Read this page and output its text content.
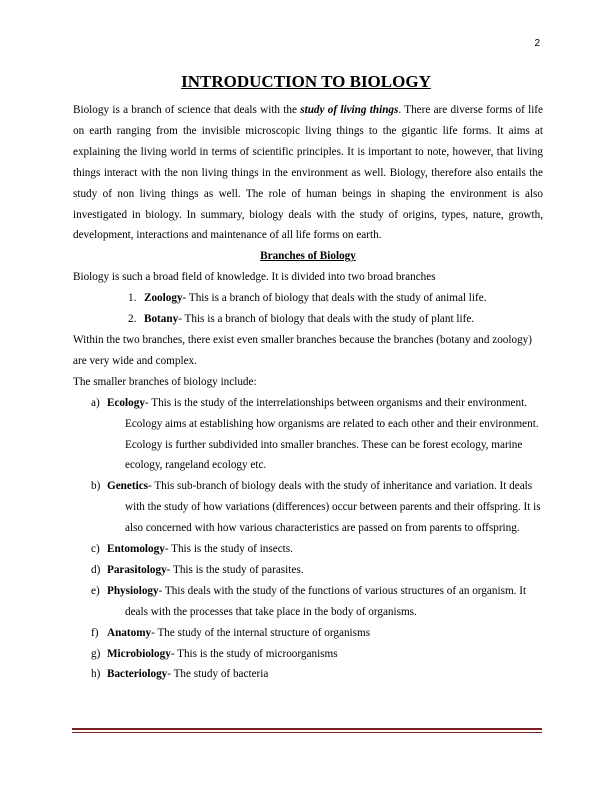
2
INTRODUCTION TO BIOLOGY

Biology is a branch of science that deals with the study of living things. There are diverse forms of life on earth ranging from the invisible microscopic living things to the gigantic life forms. It aims at explaining the living world in terms of scientific principles. It is important to note, however, that living things interact with the non living things in the environment as well. Biology, therefore also entails the study of non living things as well. The role of human beings in shaping the environment is also investigated in biology. In summary, biology deals with the study of origins, types, nature, growth, development, interactions and maintenance of all life forms on earth.

Branches of Biology

Biology is such a broad field of knowledge. It is divided into two broad branches

1. Zoology- This is a branch of biology that deals with the study of animal life.

2. Botany- This is a branch of biology that deals with the study of plant life.

Within the two branches, there exist even smaller branches because the branches (botany and zoology) are very wide and complex.

The smaller branches of biology include:

a) Ecology- This is the study of the interrelationships between organisms and their environment. Ecology aims at establishing how organisms are related to each other and their environment. Ecology is further subdivided into smaller branches. These can be forest ecology, marine ecology, rangeland ecology etc.

b) Genetics- This sub-branch of biology deals with the study of inheritance and variation. It deals with the study of how variations (differences) occur between parents and their offspring. It is also concerned with how various characteristics are passed on from parents to offspring.

c) Entomology- This is the study of insects.

d) Parasitology- This is the study of parasites.

e) Physiology- This deals with the study of the functions of various structures of an organism. It deals with the processes that take place in the body of organisms.

f) Anatomy- The study of the internal structure of organisms

g) Microbiology- This is the study of microorganisms

h) Bacteriology- The study of bacteria
